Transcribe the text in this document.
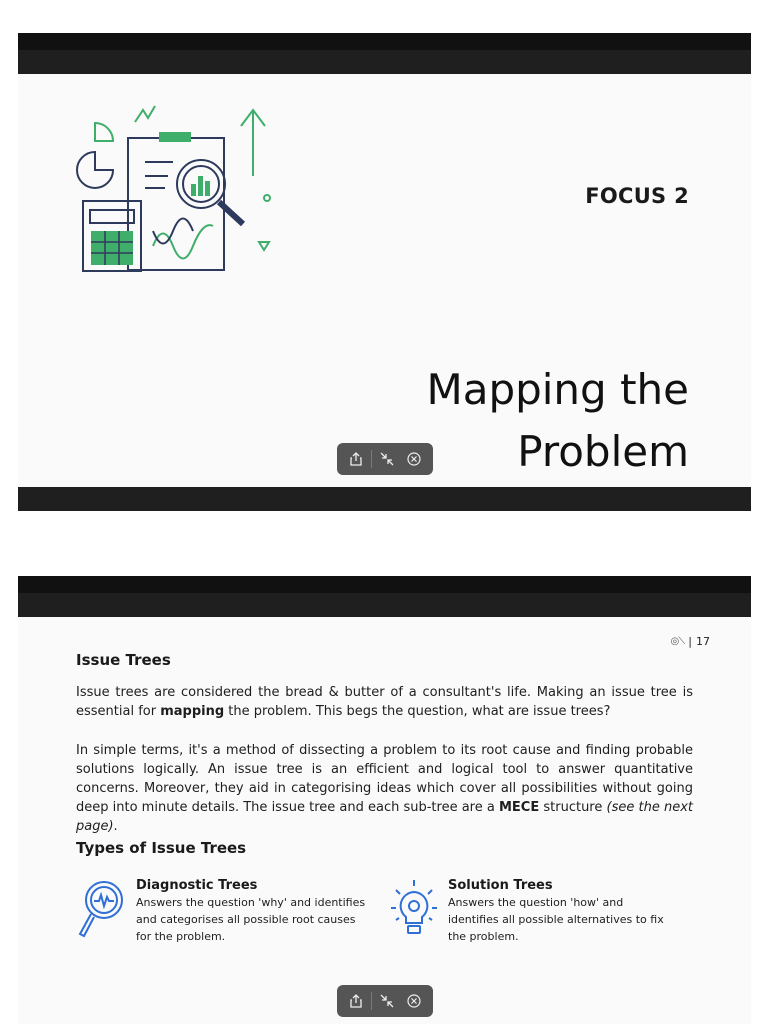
FOCUS 2
Mapping the
Problem
◎⟍ | 17
Issue Trees
Issue trees are considered the bread & butter of a consultant's life. Making an issue tree is essential for mapping the problem. This begs the question, what are issue trees?
In simple terms, it's a method of dissecting a problem to its root cause and finding probable solutions logically. An issue tree is an efficient and logical tool to answer quantitative concerns. Moreover, they aid in categorising ideas which cover all possibilities without going deep into minute details. The issue tree and each sub-tree are a MECE structure (see the next page).
Types of Issue Trees
Diagnostic Trees
Answers the question 'why' and identifies and categorises all possible root causes for the problem.
Solution Trees
Answers the question 'how' and identifies all possible alternatives to fix the problem.
